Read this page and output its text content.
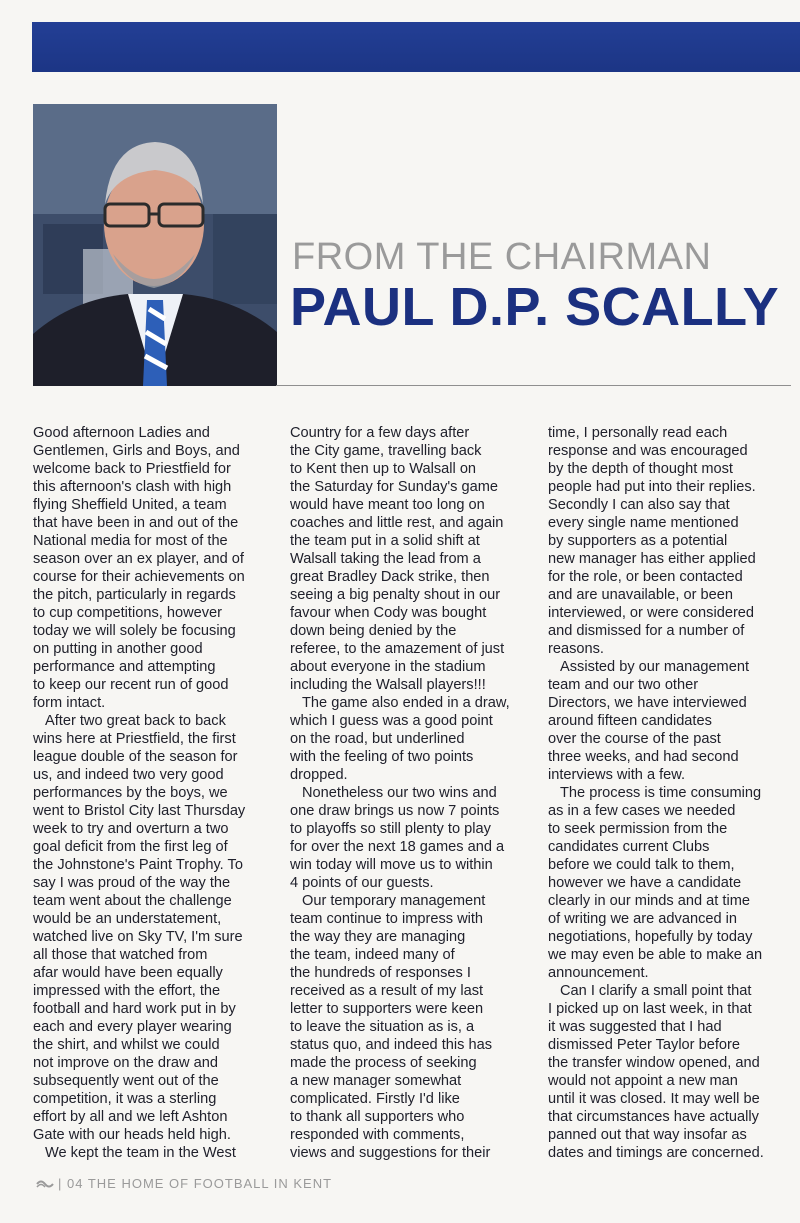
FROM THE CHAIRMAN
PAUL D.P. SCALLY

Good afternoon Ladies and
Gentlemen, Girls and Boys, and
welcome back to Priestfield for
this afternoon's clash with high
flying Sheffield United, a team
that have been in and out of the
National media for most of the
season over an ex player, and of
course for their achievements on
the pitch, particularly in regards
to cup competitions, however
today we will solely be focusing
on putting in another good
performance and attempting
to keep our recent run of good
form intact.

After two great back to back
wins here at Priestfield, the first
league double of the season for
us, and indeed two very good
performances by the boys, we
went to Bristol City last Thursday
week to try and overturn a two
goal deficit from the first leg of
the Johnstone's Paint Trophy. To
say I was proud of the way the
team went about the challenge
would be an understatement,
watched live on Sky TV, I'm sure
all those that watched from
afar would have been equally
impressed with the effort, the
football and hard work put in by
each and every player wearing
the shirt, and whilst we could
not improve on the draw and
subsequently went out of the
competition, it was a sterling
effort by all and we left Ashton
Gate with our heads held high.

We kept the team in the West

Country for a few days after
the City game, travelling back
to Kent then up to Walsall on
the Saturday for Sunday's game
would have meant too long on
coaches and little rest, and again
the team put in a solid shift at
Walsall taking the lead from a
great Bradley Dack strike, then
seeing a big penalty shout in our
favour when Cody was bought
down being denied by the
referee, to the amazement of just
about everyone in the stadium
including the Walsall players!!!

The game also ended in a draw,
which I guess was a good point
on the road, but underlined
with the feeling of two points
dropped.

Nonetheless our two wins and
one draw brings us now 7 points
to playoffs so still plenty to play
for over the next 18 games and a
win today will move us to within
4 points of our guests.

Our temporary management
team continue to impress with
the way they are managing
the team, indeed many of
the hundreds of responses I
received as a result of my last
letter to supporters were keen
to leave the situation as is, a
status quo, and indeed this has
made the process of seeking
a new manager somewhat
complicated. Firstly I'd like
to thank all supporters who
responded with comments,
views and suggestions for their

time, I personally read each
response and was encouraged
by the depth of thought most
people had put into their replies.
Secondly I can also say that
every single name mentioned
by supporters as a potential
new manager has either applied
for the role, or been contacted
and are unavailable, or been
interviewed, or were considered
and dismissed for a number of
reasons.

Assisted by our management
team and our two other
Directors, we have interviewed
around fifteen candidates
over the course of the past
three weeks, and had second
interviews with a few.

The process is time consuming
as in a few cases we needed
to seek permission from the
candidates current Clubs
before we could talk to them,
however we have a candidate
clearly in our minds and at time
of writing we are advanced in
negotiations, hopefully by today
we may even be able to make an
announcement.

Can I clarify a small point that
I picked up on last week, in that
it was suggested that I had
dismissed Peter Taylor before
the transfer window opened, and
would not appoint a new man
until it was closed. It may well be
that circumstances have actually
panned out that way insofar as
dates and timings are concerned.

| 04 THE HOME OF FOOTBALL IN KENT
